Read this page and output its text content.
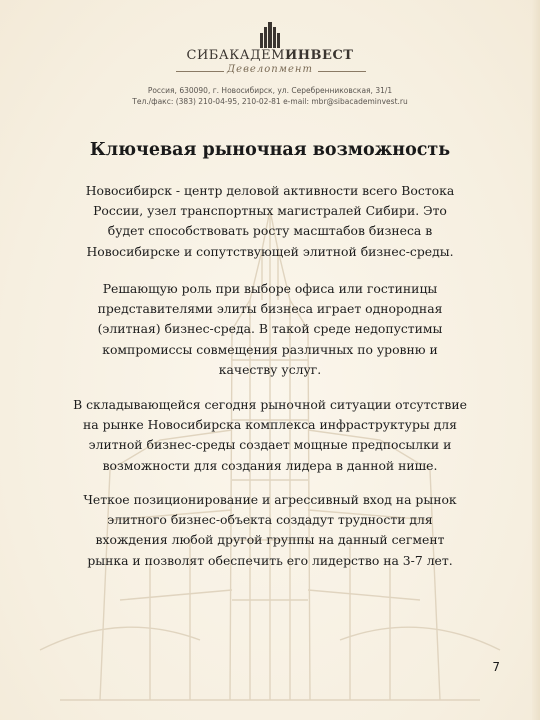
СИБАКАДЕМИНВЕСТ
Девелопмент
Россия, 630090, г. Новосибирск, ул. Серебренниковская, 31/1
Тел./факс: (383) 210-04-95, 210-02-81 e-mail: mbr@sibacademinvest.ru
Ключевая рыночная возможность
Новосибирск - центр деловой активности всего Востока
России, узел транспортных магистралей Сибири. Это
будет способствовать росту масштабов бизнеса в
Новосибирске и сопутствующей элитной бизнес-среды.
Решающую роль при выборе офиса или гостиницы
представителями элиты бизнеса играет однородная
(элитная) бизнес-среда. В такой среде недопустимы
компромиссы совмещения различных по уровню и
качеству услуг.
В складывающейся сегодня рыночной ситуации отсутствие
на рынке Новосибирска комплекса инфраструктуры для
элитной бизнес-среды создает мощные предпосылки и
возможности для создания лидера в данной нише.
Четкое позиционирование и агрессивный вход на рынок
элитного бизнес-объекта создадут трудности для
вхождения любой другой группы на данный сегмент
рынка и позволят обеспечить его лидерство на 3-7 лет.
7
